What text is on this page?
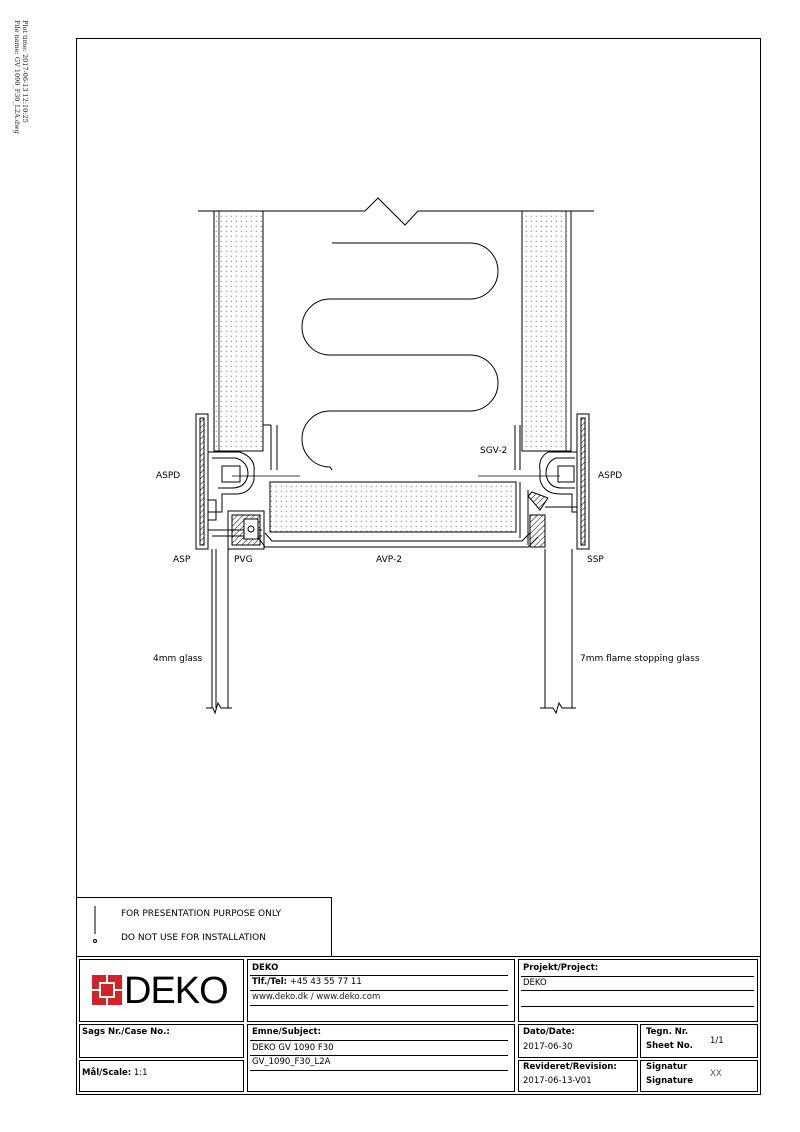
Plot time: 2017-06-13 12:10:25
File name: GV 1090_F30_L2A.dwg
ASPD	ASPD
SGV-2
ASP	PVG	AVP-2	SSP
4mm glass	7mm flame stopping glass
FOR PRESENTATION PURPOSE ONLY
DO NOT USE FOR INSTALLATION
DEKO
DEKO
Tlf./Tel: +45 43 55 77 11
www.deko.dk / www.deko.com
Projekt/Project:
DEKO
Sags Nr./Case No.:
Mål/Scale: 1:1
Emne/Subject:
DEKO GV 1090 F30
GV_1090_F30_L2A
Dato/Date:
2017-06-30
Tegn. Nr.
Sheet No. 1/1
Revideret/Revision:
2017-06-13-V01
Signatur
Signature
XX
